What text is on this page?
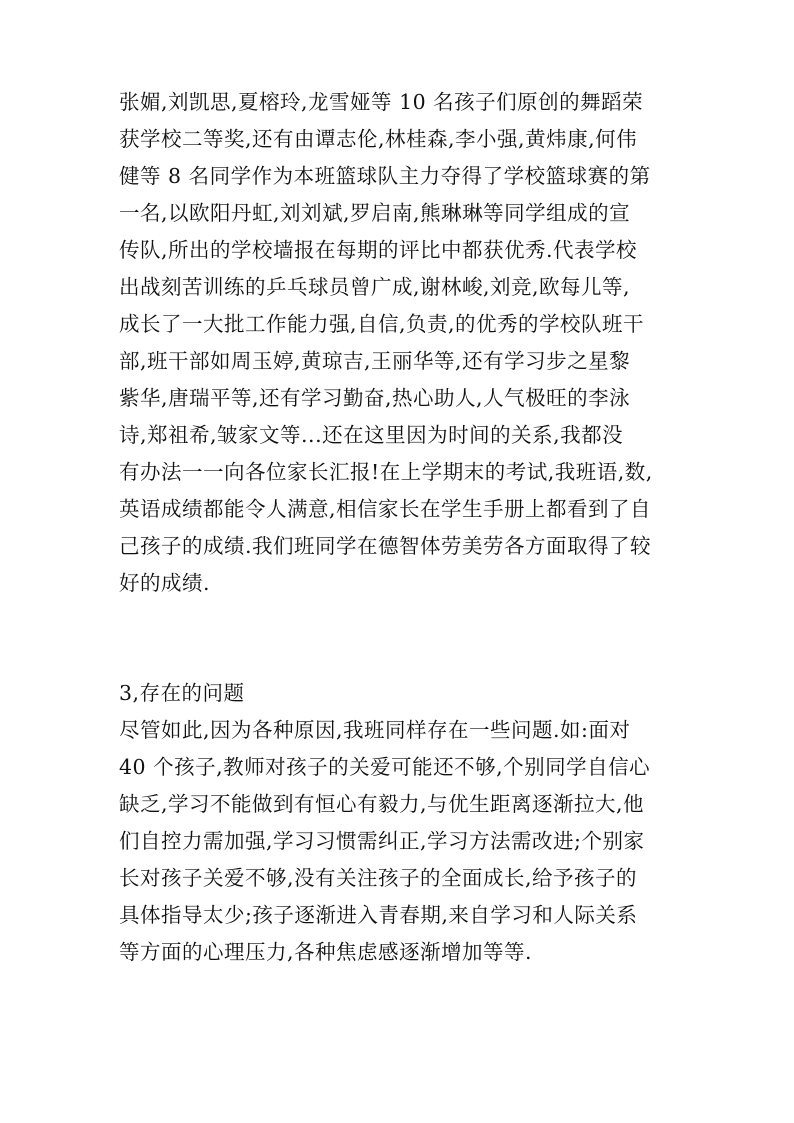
张媚,刘凯思,夏榕玲,龙雪娅等 10 名孩子们原创的舞蹈荣
获学校二等奖,还有由谭志伦,林桂森,李小强,黄炜康,何伟
健等 8 名同学作为本班篮球队主力夺得了学校篮球赛的第
一名,以欧阳丹虹,刘刘斌,罗启南,熊琳琳等同学组成的宣
传队,所出的学校墙报在每期的评比中都获优秀.代表学校
出战刻苦训练的乒乓球员曾广成,谢林峻,刘竞,欧每儿等,
成长了一大批工作能力强,自信,负责,的优秀的学校队班干
部,班干部如周玉婷,黄琼吉,王丽华等,还有学习步之星黎
紫华,唐瑞平等,还有学习勤奋,热心助人,人气极旺的李泳
诗,郑祖希,皱家文等...还在这里因为时间的关系,我都没
有办法一一向各位家长汇报!在上学期末的考试,我班语,数,
英语成绩都能令人满意,相信家长在学生手册上都看到了自
己孩子的成绩.我们班同学在德智体劳美劳各方面取得了较
好的成绩.
3,存在的问题
尽管如此,因为各种原因,我班同样存在一些问题.如:面对
40 个孩子,教师对孩子的关爱可能还不够,个别同学自信心
缺乏,学习不能做到有恒心有毅力,与优生距离逐渐拉大,他
们自控力需加强,学习习惯需纠正,学习方法需改进;个别家
长对孩子关爱不够,没有关注孩子的全面成长,给予孩子的
具体指导太少;孩子逐渐进入青春期,来自学习和人际关系
等方面的心理压力,各种焦虑感逐渐增加等等.
